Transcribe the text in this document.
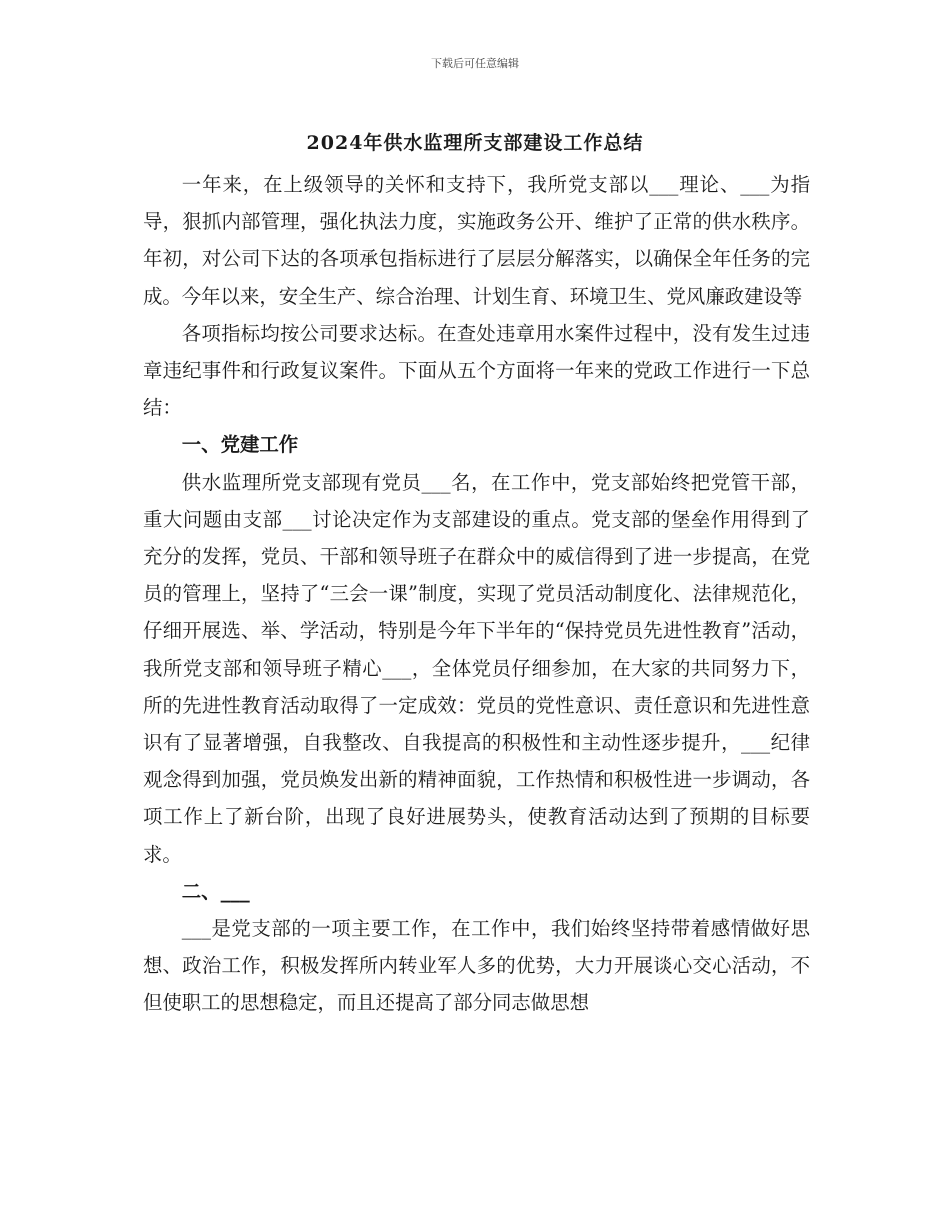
下载后可任意编辑
2024年供水监理所支部建设工作总结

一年来，在上级领导的关怀和支持下，我所党支部以___理论、___为指导，狠抓内部管理，强化执法力度，实施政务公开、维护了正常的供水秩序。年初，对公司下达的各项承包指标进行了层层分解落实，以确保全年任务的完成。今年以来，安全生产、综合治理、计划生育、环境卫生、党风廉政建设等

各项指标均按公司要求达标。在查处违章用水案件过程中，没有发生过违章违纪事件和行政复议案件。下面从五个方面将一年来的党政工作进行一下总结：

一、党建工作

供水监理所党支部现有党员___名，在工作中，党支部始终把党管干部，重大问题由支部___讨论决定作为支部建设的重点。党支部的堡垒作用得到了充分的发挥，党员、干部和领导班子在群众中的威信得到了进一步提高，在党员的管理上，坚持了“三会一课”制度，实现了党员活动制度化、法律规范化，仔细开展选、举、学活动，特别是今年下半年的“保持党员先进性教育”活动，我所党支部和领导班子精心___，全体党员仔细参加，在大家的共同努力下，所的先进性教育活动取得了一定成效：党员的党性意识、责任意识和先进性意识有了显著增强，自我整改、自我提高的积极性和主动性逐步提升，___纪律观念得到加强，党员焕发出新的精神面貌，工作热情和积极性进一步调动，各项工作上了新台阶，出现了良好进展势头，使教育活动达到了预期的目标要求。

二、___

___是党支部的一项主要工作，在工作中，我们始终坚持带着感情做好思想、政治工作，积极发挥所内转业军人多的优势，大力开展谈心交心活动，不但使职工的思想稳定，而且还提高了部分同志做思想
